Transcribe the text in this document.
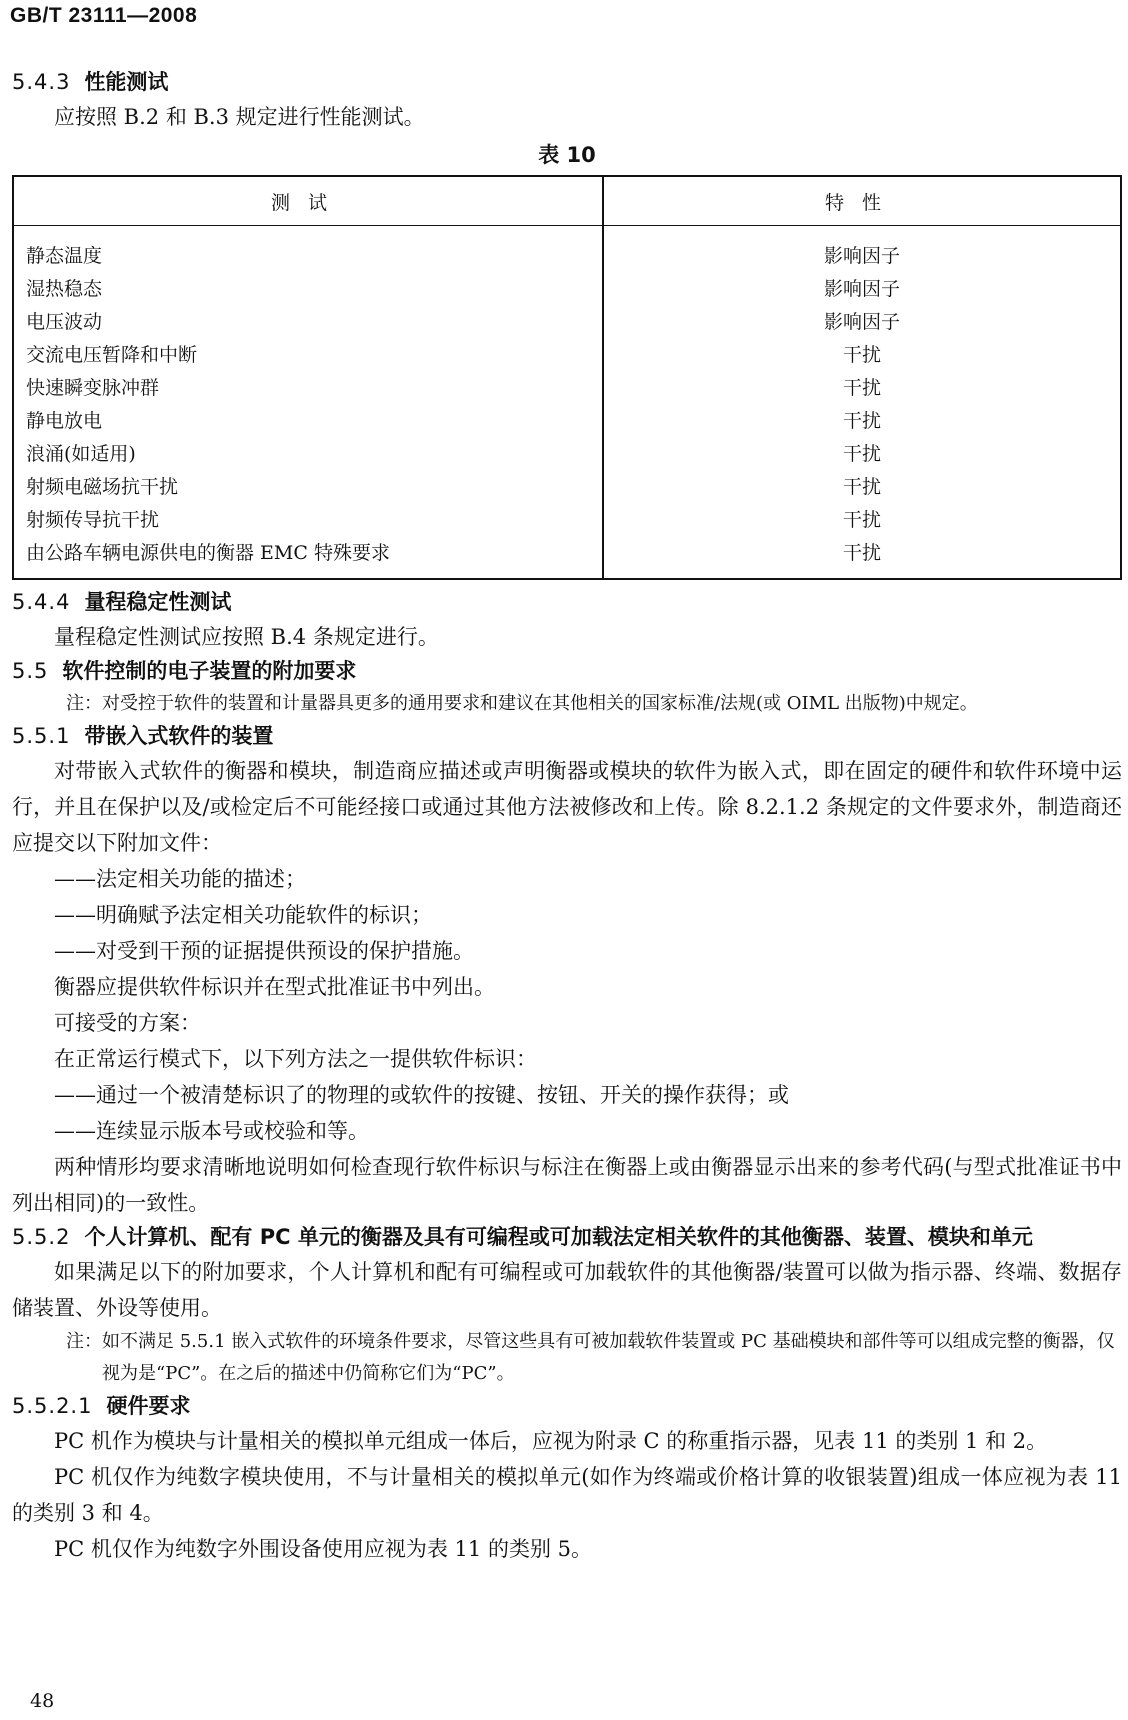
GB/T 23111—2008
5.4.3 性能测试

应按照 B.2 和 B.3 规定进行性能测试。

表 10
测试	特性
静态温度	影响因子
湿热稳态	影响因子
电压波动	影响因子
交流电压暂降和中断	干扰
快速瞬变脉冲群	干扰
静电放电	干扰
浪涌(如适用)	干扰
射频电磁场抗干扰	干扰
射频传导抗干扰	干扰
由公路车辆电源供电的衡器 EMC 特殊要求	干扰
5.4.4 量程稳定性测试

量程稳定性测试应按照 B.4 条规定进行。

5.5 软件控制的电子装置的附加要求

注：对受控于软件的装置和计量器具更多的通用要求和建议在其他相关的国家标准/法规(或 OIML 出版物)中规定。

5.5.1 带嵌入式软件的装置

对带嵌入式软件的衡器和模块，制造商应描述或声明衡器或模块的软件为嵌入式，即在固定的硬件和软件环境中运行，并且在保护以及/或检定后不可能经接口或通过其他方法被修改和上传。除 8.2.1.2 条规定的文件要求外，制造商还应提交以下附加文件：

——法定相关功能的描述；

——明确赋予法定相关功能软件的标识；

——对受到干预的证据提供预设的保护措施。

衡器应提供软件标识并在型式批准证书中列出。

可接受的方案：

在正常运行模式下，以下列方法之一提供软件标识：

——通过一个被清楚标识了的物理的或软件的按键、按钮、开关的操作获得；或

——连续显示版本号或校验和等。

两种情形均要求清晰地说明如何检查现行软件标识与标注在衡器上或由衡器显示出来的参考代码(与型式批准证书中列出相同)的一致性。

5.5.2 个人计算机、配有 PC 单元的衡器及具有可编程或可加载法定相关软件的其他衡器、装置、模块和单元

如果满足以下的附加要求，个人计算机和配有可编程或可加载软件的其他衡器/装置可以做为指示器、终端、数据存储装置、外设等使用。

注：如不满足 5.5.1 嵌入式软件的环境条件要求，尽管这些具有可被加载软件装置或 PC 基础模块和部件等可以组成完整的衡器，仅视为是“PC”。在之后的描述中仍简称它们为“PC”。

5.5.2.1 硬件要求

PC 机作为模块与计量相关的模拟单元组成一体后，应视为附录 C 的称重指示器，见表 11 的类别 1 和 2。

PC 机仅作为纯数字模块使用，不与计量相关的模拟单元(如作为终端或价格计算的收银装置)组成一体应视为表 11 的类别 3 和 4。

PC 机仅作为纯数字外围设备使用应视为表 11 的类别 5。

48
